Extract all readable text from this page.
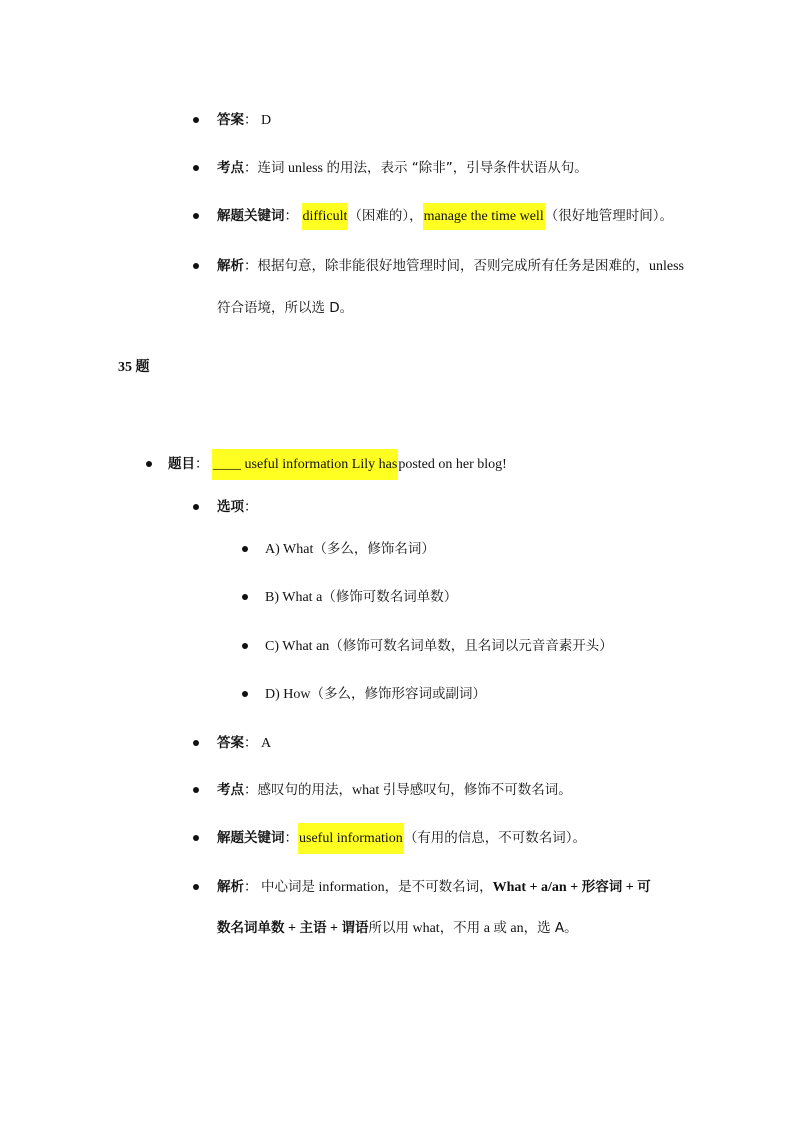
答案： D
考点：连词 unless 的用法，表示 “除非”，引导条件状语从句。
解题关键词： difficult（困难的），manage the time well（很好地管理时间）。
解析：根据句意，除非能很好地管理时间，否则完成所有任务是困难的，unless
符合语境，所以选 D。
35 题
题目： ____ useful information Lily hasposted on her blog!
选项：
A) What（多么，修饰名词）
B) What a（修饰可数名词单数）
C) What an（修饰可数名词单数，且名词以元音音素开头）
D) How（多么，修饰形容词或副词）
答案： A
考点：感叹句的用法，what 引导感叹句，修饰不可数名词。
解题关键词：useful information（有用的信息，不可数名词）。
解析： 中心词是 information，是不可数名词，What + a/an + 形容词 + 可
数名词单数 + 主语 + 谓语所以用 what，不用 a 或 an，选 A。
